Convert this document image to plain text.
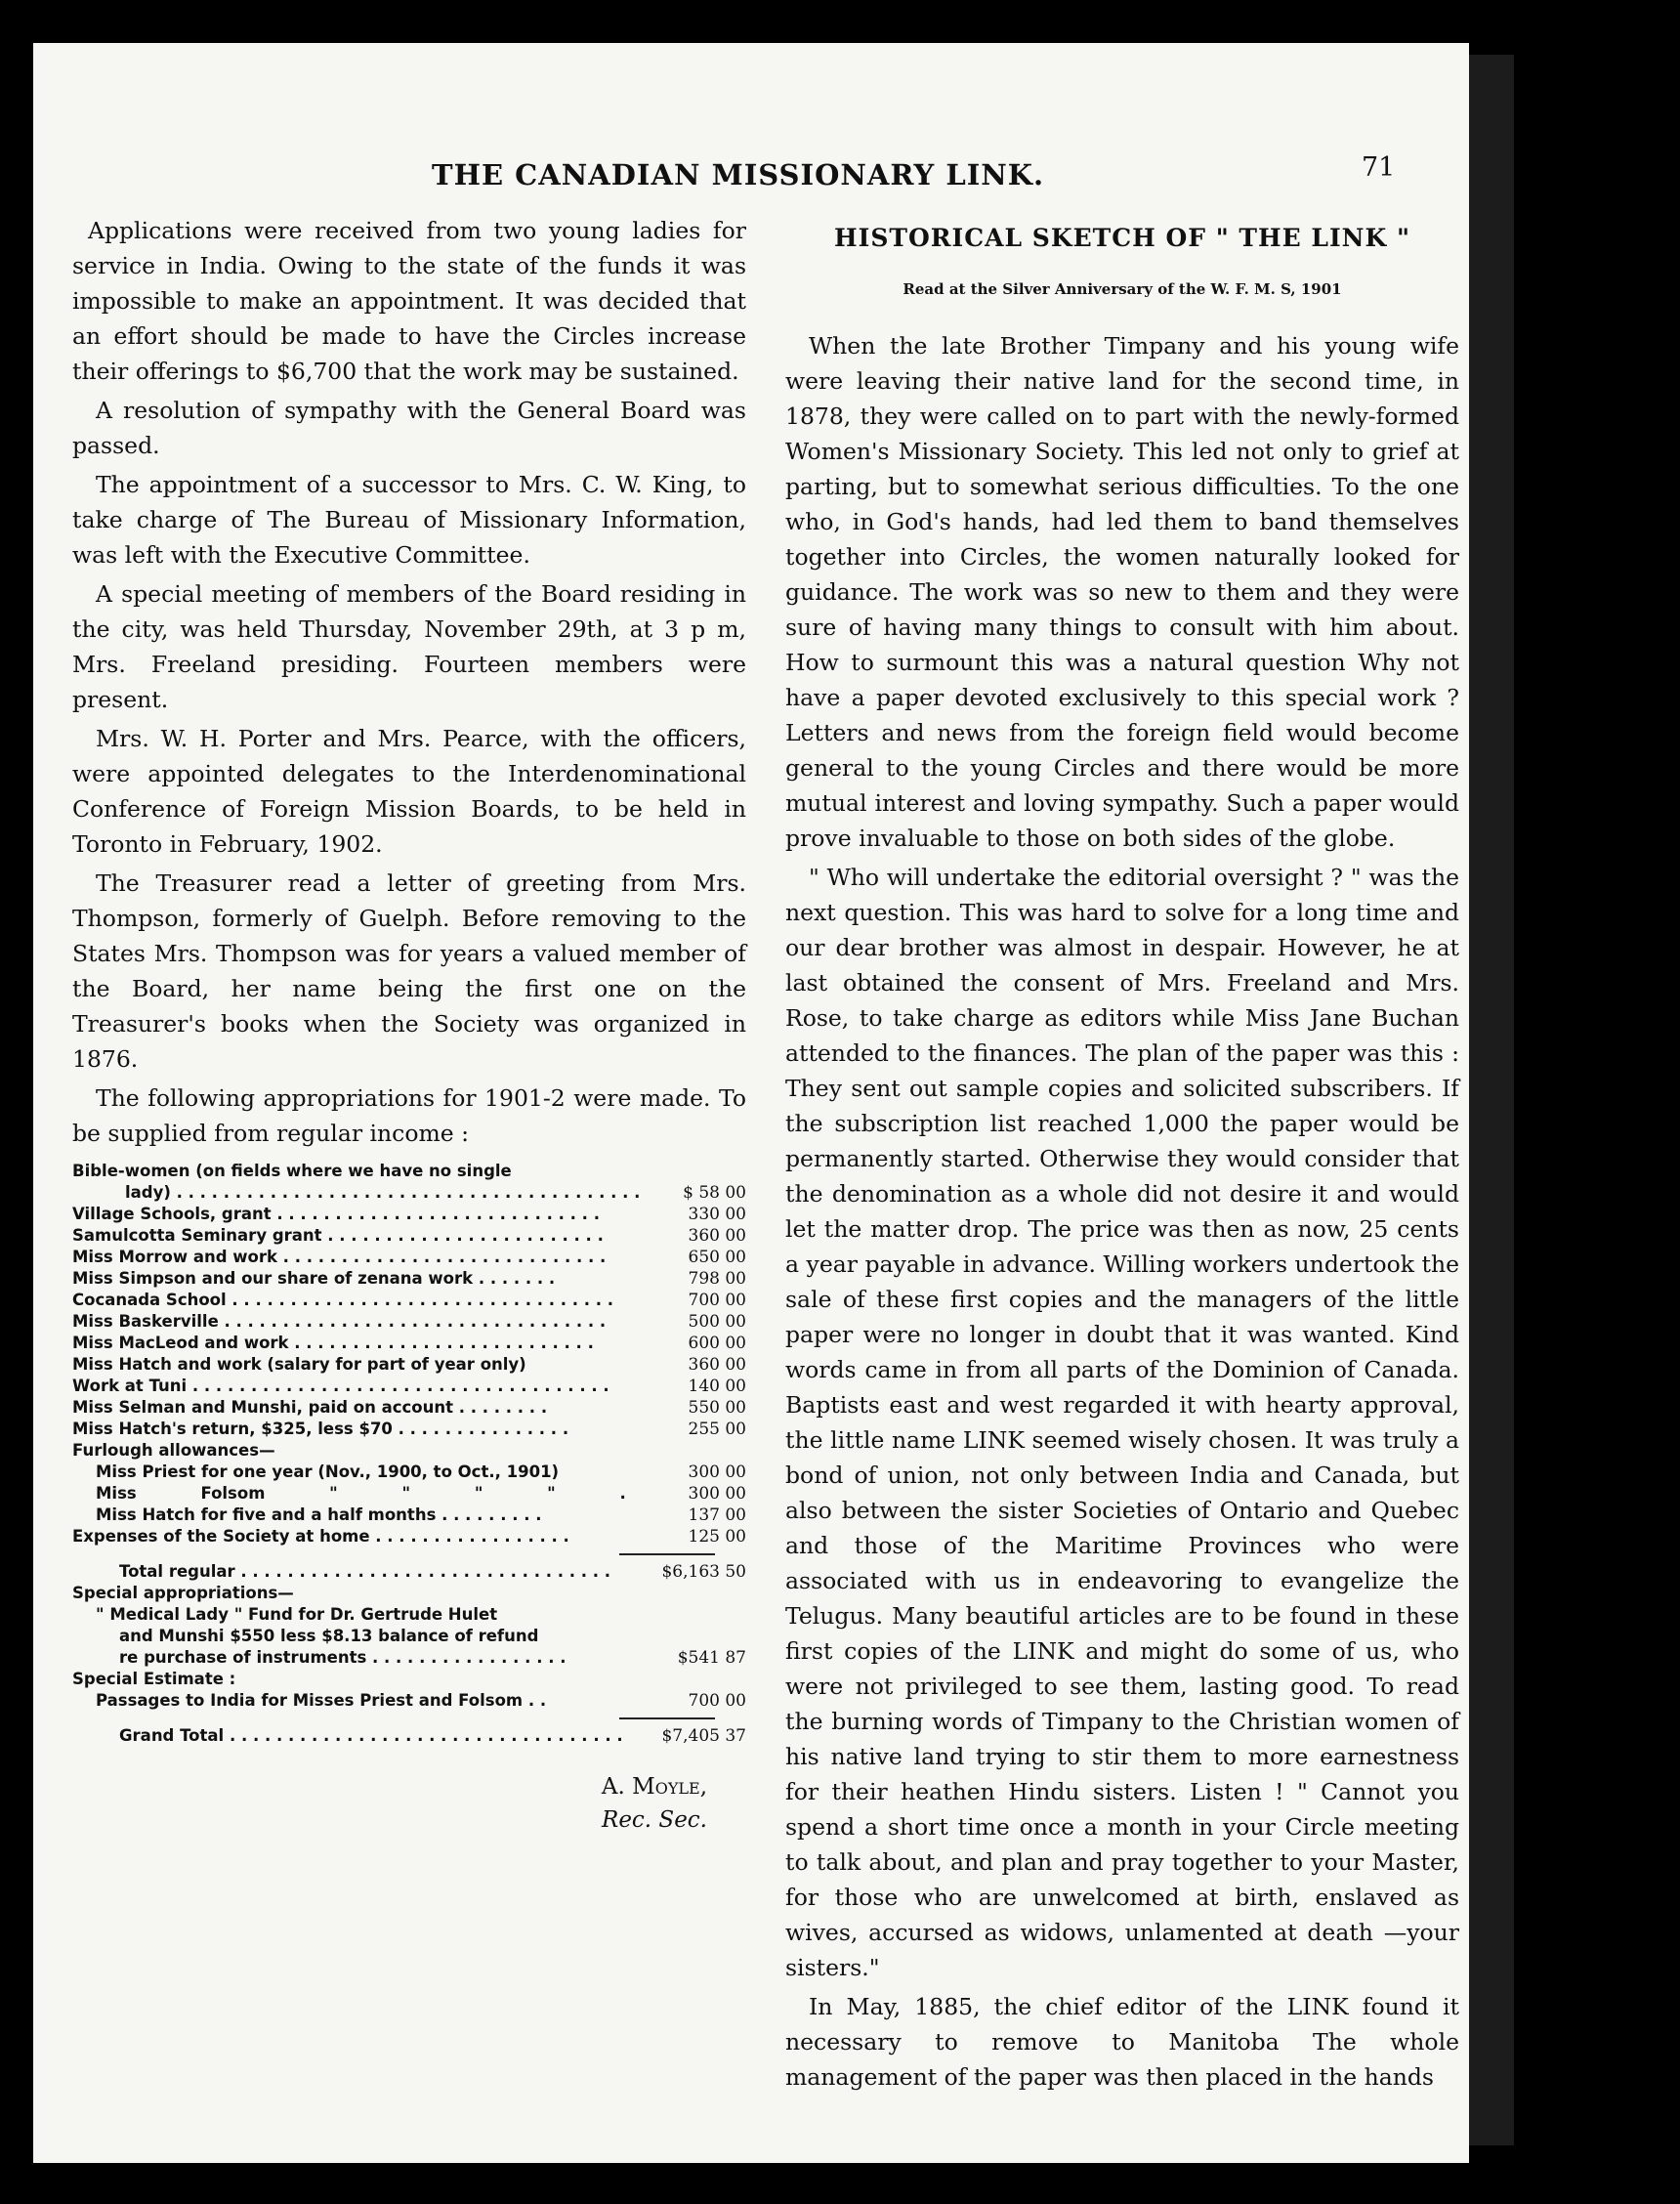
THE CANADIAN MISSIONARY LINK.	71

Applications were received from two young ladies for service in India. Owing to the state of the funds it was impossible to make an appointment. It was decided that an effort should be made to have the Circles increase their offerings to $6,700 that the work may be sustained.

A resolution of sympathy with the General Board was passed.

The appointment of a successor to Mrs. C. W. King, to take charge of The Bureau of Missionary Information, was left with the Executive Committee.

A special meeting of members of the Board residing in the city, was held Thursday, November 29th, at 3 p m, Mrs. Freeland presiding. Fourteen members were present.

Mrs. W. H. Porter and Mrs. Pearce, with the officers, were appointed delegates to the Interdenominational Conference of Foreign Mission Boards, to be held in Toronto in February, 1902.

The Treasurer read a letter of greeting from Mrs. Thompson, formerly of Guelph. Before removing to the States Mrs. Thompson was for years a valued member of the Board, her name being the first one on the Treasurer's books when the Society was organized in 1876.

The following appropriations for 1901-2 were made. To be supplied from regular income :

Bible-women (on fields where we have no single
lady) . . . . . . . . . . . . . . . . . . . . . . . . . . . . . . . . . . . . . . . .	$ 58 00
Village Schools, grant . . . . . . . . . . . . . . . . . . . . . . . . . . . .	330 00
Samulcotta Seminary grant . . . . . . . . . . . . . . . . . . . . . . . .	360 00
Miss Morrow and work . . . . . . . . . . . . . . . . . . . . . . . . . . . .	650 00
Miss Simpson and our share of zenana work . . . . . . .	798 00
Cocanada School . . . . . . . . . . . . . . . . . . . . . . . . . . . . . . . . .	700 00
Miss Baskerville . . . . . . . . . . . . . . . . . . . . . . . . . . . . . . . . .	500 00
Miss MacLeod and work . . . . . . . . . . . . . . . . . . . . . . . . . .	600 00
Miss Hatch and work (salary for part of year only)	360 00
Work at Tuni . . . . . . . . . . . . . . . . . . . . . . . . . . . . . . . . . . . .	140 00
Miss Selman and Munshi, paid on account . . . . . . . .	550 00
Miss Hatch's return, $325, less $70 . . . . . . . . . . . . . . .	255 00
Furlough allowances—
Miss Priest for one year (Nov., 1900, to Oct., 1901)	300 00
Miss Folsom " " " " .	300 00
Miss Hatch for five and a half months . . . . . . . . .	137 00
Expenses of the Society at home . . . . . . . . . . . . . . . . .	125 00
Total regular . . . . . . . . . . . . . . . . . . . . . . . . . . . . . . . .	$6,163 50
Special appropriations—
" Medical Lady " Fund for Dr. Gertrude Hulet
and Munshi $550 less $8.13 balance of refund
re purchase of instruments . . . . . . . . . . . . . . . . .	$541 87
Special Estimate :
Passages to India for Misses Priest and Folsom . .	700 00
Grand Total . . . . . . . . . . . . . . . . . . . . . . . . . . . . . . . . . .	$7,405 37
A. Moyle,
Rec. Sec.
HISTORICAL SKETCH OF " THE LINK "
Read at the Silver Anniversary of the W. F. M. S, 1901

When the late Brother Timpany and his young wife were leaving their native land for the second time, in 1878, they were called on to part with the newly-formed Women's Missionary Society. This led not only to grief at parting, but to somewhat serious difficulties. To the one who, in God's hands, had led them to band themselves together into Circles, the women naturally looked for guidance. The work was so new to them and they were sure of having many things to consult with him about. How to surmount this was a natural question Why not have a paper devoted exclusively to this special work ? Letters and news from the foreign field would become general to the young Circles and there would be more mutual interest and loving sympathy. Such a paper would prove invaluable to those on both sides of the globe.

" Who will undertake the editorial oversight ? " was the next question. This was hard to solve for a long time and our dear brother was almost in despair. However, he at last obtained the consent of Mrs. Freeland and Mrs. Rose, to take charge as editors while Miss Jane Buchan attended to the finances. The plan of the paper was this : They sent out sample copies and solicited subscribers. If the subscription list reached 1,000 the paper would be permanently started. Otherwise they would consider that the denomination as a whole did not desire it and would let the matter drop. The price was then as now, 25 cents a year payable in advance. Willing workers undertook the sale of these first copies and the managers of the little paper were no longer in doubt that it was wanted. Kind words came in from all parts of the Dominion of Canada. Baptists east and west regarded it with hearty approval, the little name LINK seemed wisely chosen. It was truly a bond of union, not only between India and Canada, but also between the sister Societies of Ontario and Quebec and those of the Maritime Provinces who were associated with us in endeavoring to evangelize the Telugus. Many beautiful articles are to be found in these first copies of the LINK and might do some of us, who were not privileged to see them, lasting good. To read the burning words of Timpany to the Christian women of his native land trying to stir them to more earnestness for their heathen Hindu sisters. Listen ! " Cannot you spend a short time once a month in your Circle meeting to talk about, and plan and pray together to your Master, for those who are unwelcomed at birth, enslaved as wives, accursed as widows, unlamented at death —your sisters."

In May, 1885, the chief editor of the LINK found it necessary to remove to Manitoba The whole management of the paper was then placed in the hands
